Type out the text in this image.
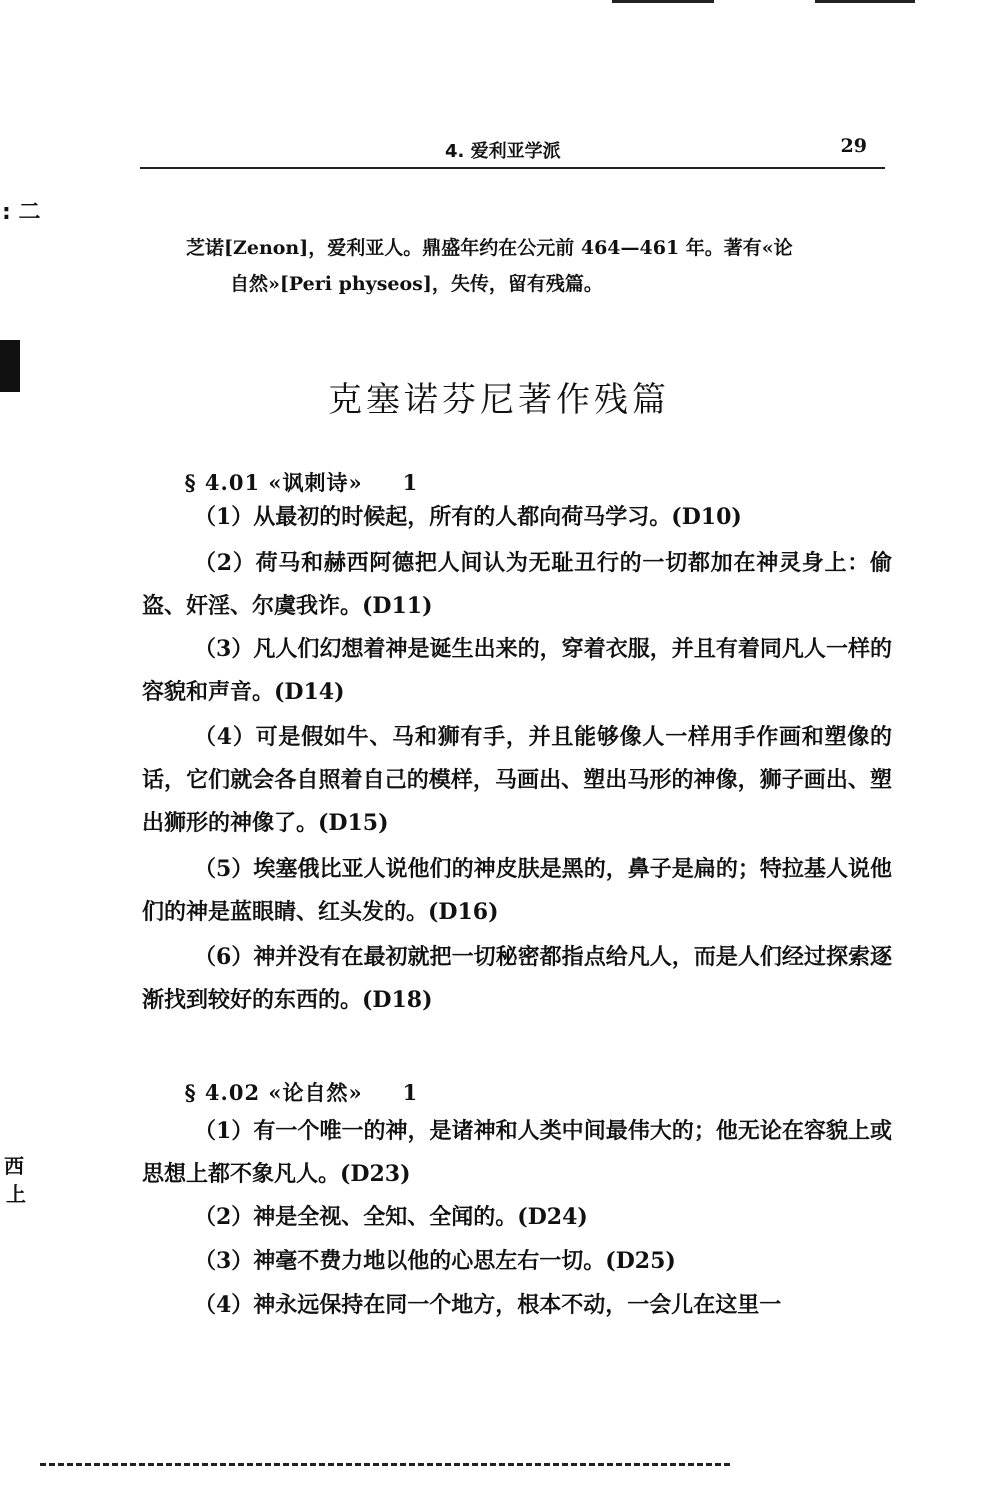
4. 爱利亚学派	29
: 二
西
上
芝诺[Zenon]，爱利亚人。鼎盛年约在公元前 464—461 年。著有«论
自然»[Peri physeos]，失传，留有残篇。
克塞诺芬尼著作残篇

§ 4.01 «讽刺诗» 1

（1）从最初的时候起，所有的人都向荷马学习。(D10)

（2）荷马和赫西阿德把人间认为无耻丑行的一切都加在神灵身上：偷盗、奸淫、尔虞我诈。(D11)

（3）凡人们幻想着神是诞生出来的，穿着衣服，并且有着同凡人一样的容貌和声音。(D14)

（4）可是假如牛、马和狮有手，并且能够像人一样用手作画和塑像的话，它们就会各自照着自己的模样，马画出、塑出马形的神像，狮子画出、塑出狮形的神像了。(D15)

（5）埃塞俄比亚人说他们的神皮肤是黑的，鼻子是扁的；特拉基人说他们的神是蓝眼睛、红头发的。(D16)

（6）神并没有在最初就把一切秘密都指点给凡人，而是人们经过探索逐渐找到较好的东西的。(D18)

§ 4.02 «论自然» 1

（1）有一个唯一的神，是诸神和人类中间最伟大的；他无论在容貌上或思想上都不象凡人。(D23)

（2）神是全视、全知、全闻的。(D24)

（3）神毫不费力地以他的心思左右一切。(D25)

（4）神永远保持在同一个地方，根本不动，一会儿在这里一
